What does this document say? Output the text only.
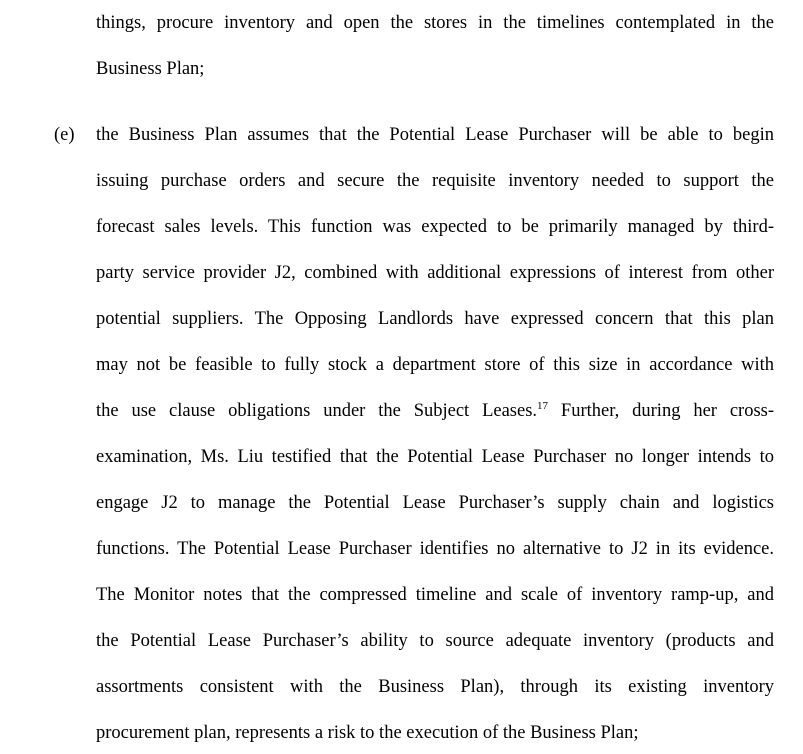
things, procure inventory and open the stores in the timelines contemplated in the
Business Plan;
(e) the Business Plan assumes that the Potential Lease Purchaser will be able to begin
issuing purchase orders and secure the requisite inventory needed to support the
forecast sales levels. This function was expected to be primarily managed by third-
party service provider J2, combined with additional expressions of interest from other
potential suppliers. The Opposing Landlords have expressed concern that this plan
may not be feasible to fully stock a department store of this size in accordance with
the use clause obligations under the Subject Leases.$^{17}$ Further, during her cross-
examination, Ms. Liu testified that the Potential Lease Purchaser no longer intends to
engage J2 to manage the Potential Lease Purchaser’s supply chain and logistics
functions. The Potential Lease Purchaser identifies no alternative to J2 in its evidence.
The Monitor notes that the compressed timeline and scale of inventory ramp-up, and
the Potential Lease Purchaser’s ability to source adequate inventory (products and
assortments consistent with the Business Plan), through its existing inventory
procurement plan, represents a risk to the execution of the Business Plan;
